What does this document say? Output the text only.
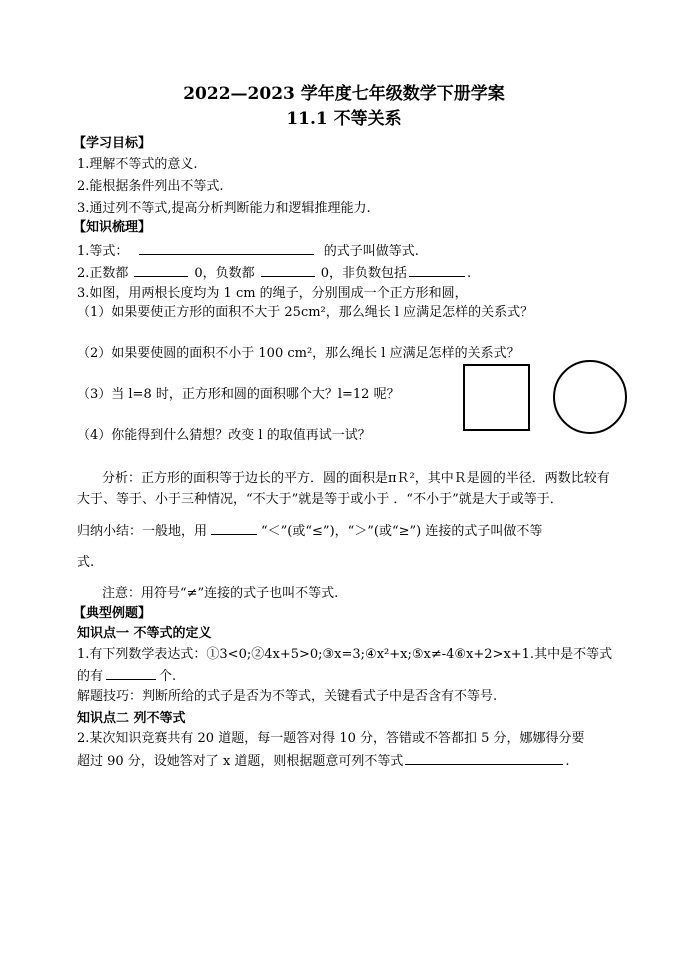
2022—2023 学年度七年级数学下册学案
11.1 不等关系
【学习目标】
1.理解不等式的意义.
2.能根据条件列出不等式.
3.通过列不等式,提高分析判断能力和逻辑推理能力.
【知识梳理】
1.等式：	的式子叫做等式.
2.正数都	0，负数都	0，非负数包括	.
3.如图，用两根长度均为 1 cm 的绳子，分别围成一个正方形和圆，
（1）如果要使正方形的面积不大于 25cm²，那么绳长 l 应满足怎样的关系式？
（2）如果要使圆的面积不小于 100 cm²，那么绳长 l 应满足怎样的关系式？
（3）当 l=8 时，正方形和圆的面积哪个大？l=12 呢？
（4）你能得到什么猜想？改变 l 的取值再试一试？
分析：正方形的面积等于边长的平方．圆的面积是πＲ²，其中Ｒ是圆的半径．两数比较有
大于、等于、小于三种情况，“不大于”就是等于或小于 ．“不小于”就是大于或等于．
归纳小结：一般地，用	“＜”(或“≤”)，“＞”(或“≥”) 连接的式子叫做不等
式.
注意：用符号“≠”连接的式子也叫不等式.
【典型例题】
知识点一 不等式的定义
1.有下列数学表达式：①3<0;②4x+5>0;③x=3;④x²+x;⑤x≠-4⑥x+2>x+1.其中是不等式
的有	个.
解题技巧：判断所给的式子是否为不等式，关键看式子中是否含有不等号.
知识点二 列不等式
2.某次知识竞赛共有 20 道题，每一题答对得 10 分，答错或不答都扣 5 分，娜娜得分要
超过 90 分，设她答对了 x 道题，则根据题意可列不等式	.
